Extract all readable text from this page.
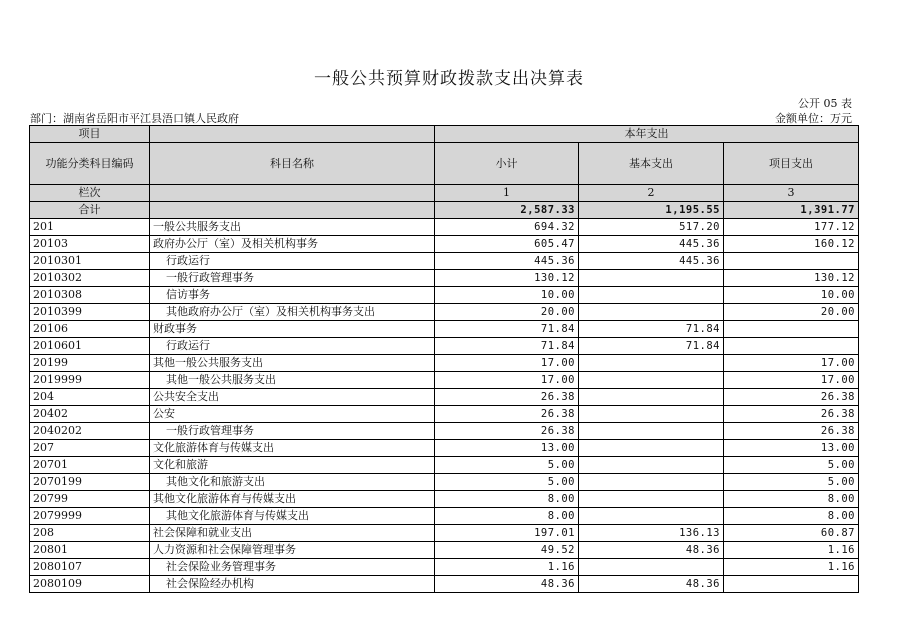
一般公共预算财政拨款支出决算表
公开 05 表
部门：湖南省岳阳市平江县浯口镇人民政府	金额单位：万元
项目		本年支出		
功能分类科目编码	科目名称	小计	基本支出	项目支出
栏次		1	2	3
合计		2,587.33	1,195.55	1,391.77
201	一般公共服务支出	694.32	517.20	177.12
20103	政府办公厅（室）及相关机构事务	605.47	445.36	160.12
2010301	行政运行	445.36	445.36	
2010302	一般行政管理事务	130.12		130.12
2010308	信访事务	10.00		10.00
2010399	其他政府办公厅（室）及相关机构事务支出	20.00		20.00
20106	财政事务	71.84	71.84	
2010601	行政运行	71.84	71.84	
20199	其他一般公共服务支出	17.00		17.00
2019999	其他一般公共服务支出	17.00		17.00
204	公共安全支出	26.38		26.38
20402	公安	26.38		26.38
2040202	一般行政管理事务	26.38		26.38
207	文化旅游体育与传媒支出	13.00		13.00
20701	文化和旅游	5.00		5.00
2070199	其他文化和旅游支出	5.00		5.00
20799	其他文化旅游体育与传媒支出	8.00		8.00
2079999	其他文化旅游体育与传媒支出	8.00		8.00
208	社会保障和就业支出	197.01	136.13	60.87
20801	人力资源和社会保障管理事务	49.52	48.36	1.16
2080107	社会保险业务管理事务	1.16		1.16
2080109	社会保险经办机构	48.36	48.36	
